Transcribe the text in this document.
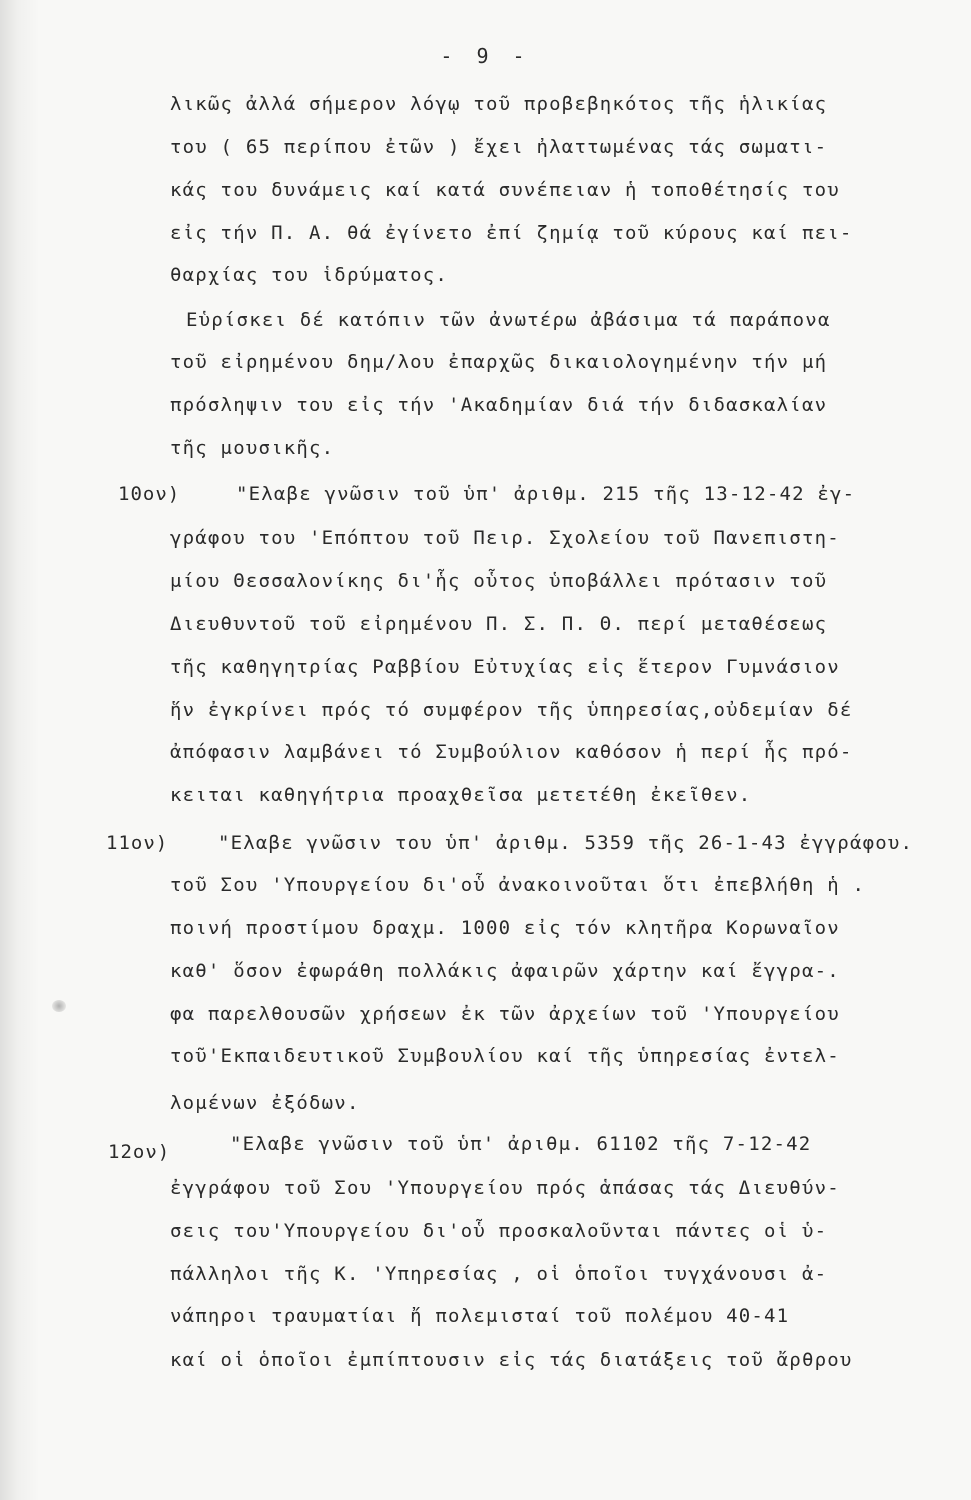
- 9 -
λικῶς ἀλλά σήμερον λόγῳ τοῦ προβεβηκότος τῆς ἡλικίας
του ( 65 περίπου ἐτῶν ) ἔχει ἠλαττωμένας τάς σωματι-
κάς του δυνάμεις καί κατά συνέπειαν ἡ τοποθέτησίς του
εἰς τήν Π. Α. θά ἐγίνετο ἐπί ζημίᾳ τοῦ κύρους καί πει-
θαρχίας του ἱδρύματος.
Εὑρίσκει δέ κατόπιν τῶν ἀνωτέρω ἀβάσιμα τά παράπονα
τοῦ εἰρημένου δημ/λου ἐπαρχῶς δικαιολογημένην τήν μή
πρόσληψιν του εἰς τήν 'Ακαδημίαν διά τήν διδασκαλίαν
τῆς μουσικῆς.
10ον)	"Ελαβε γνῶσιν τοῦ ὑπ' ἀριθμ. 215 τῆς 13-12-42 ἐγ-
γράφου του 'Επόπτου τοῦ Πειρ. Σχολείου τοῦ Πανεπιστη-
μίου Θεσσαλονίκης δι'ἧς οὗτος ὑποβάλλει πρότασιν τοῦ
Διευθυντοῦ τοῦ εἰρημένου Π. Σ. Π. Θ. περί μεταθέσεως
τῆς καθηγητρίας Ραββίου Εὐτυχίας εἰς ἕτερον Γυμνάσιον
ἥν ἐγκρίνει πρός τό συμφέρον τῆς ὑπηρεσίας,οὐδεμίαν δέ
ἀπόφασιν λαμβάνει τό Συμβούλιον καθόσον ἡ περί ἧς πρό-
κειται καθηγήτρια προαχθεῖσα μετετέθη ἐκεῖθεν.
11ον)	"Ελαβε γνῶσιν του ὑπ' ἀριθμ. 5359 τῆς 26-1-43 ἐγγράφου.
τοῦ Σου 'Υπουργείου δι'οὗ ἀνακοινοῦται ὅτι ἐπεβλήθη ἡ .
ποινή προστίμου δραχμ. 1000 εἰς τόν κλητῆρα Κορωναῖον
καθ' ὅσον ἐφωράθη πολλάκις ἀφαιρῶν χάρτην καί ἔγγρα-.
φα παρελθουσῶν χρήσεων ἐκ τῶν ἀρχείων τοῦ 'Υπουργείου
τοῦ'Εκπαιδευτικοῦ Συμβουλίου καί τῆς ὑπηρεσίας ἐντελ-
λομένων ἐξόδων.
12ον)	"Ελαβε γνῶσιν τοῦ ὑπ' ἀριθμ. 61102 τῆς 7-12-42
ἐγγράφου τοῦ Σου 'Υπουργείου πρός ἁπάσας τάς Διευθύν-
σεις του'Υπουργείου δι'οὗ προσκαλοῦνται πάντες οἱ ὑ-
πάλληλοι τῆς Κ. 'Υπηρεσίας , οἱ ὁποῖοι τυγχάνουσι ἀ-
νάπηροι τραυματίαι ἤ πολεμισταί τοῦ πολέμου 40-41
καί οἱ ὁποῖοι ἐμπίπτουσιν εἰς τάς διατάξεις τοῦ ἄρθρου
